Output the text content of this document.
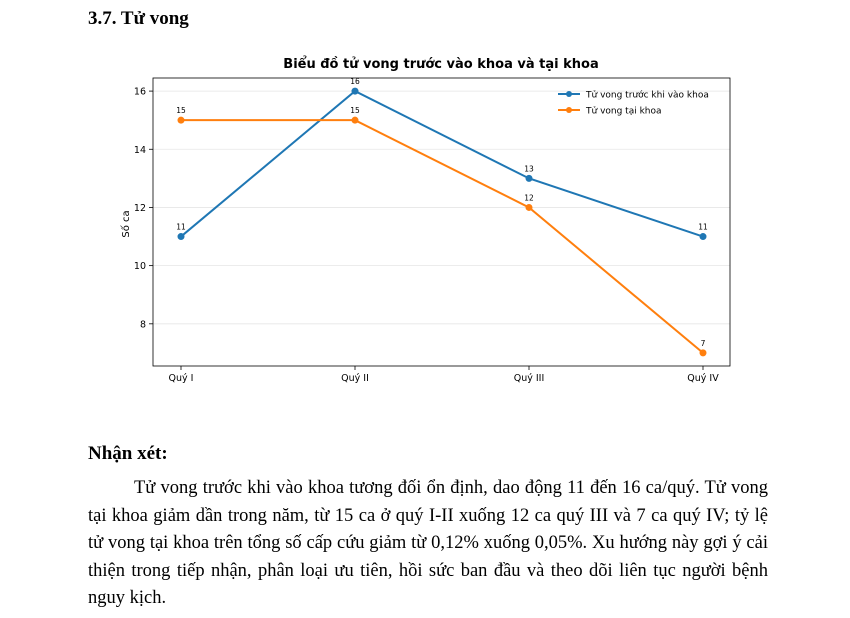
3.7. Tử vong
Biểu đồ tử vong trước vào khoa và tại khoa
Số ca
8
10
12
14
16
Quý I	Quý II	Quý III	Quý IV
11
16
13
11
15	15
12
7
Tử vong trước khi vào khoa
Tử vong tại khoa
Nhận xét:
Tử vong trước khi vào khoa tương đối ổn định, dao động 11 đến 16 ca/quý. Tử vong tại khoa giảm dần trong năm, từ 15 ca ở quý I-II xuống 12 ca quý III và 7 ca quý IV; tỷ lệ tử vong tại khoa trên tổng số cấp cứu giảm từ 0,12% xuống 0,05%. Xu hướng này gợi ý cải thiện trong tiếp nhận, phân loại ưu tiên, hồi sức ban đầu và theo dõi liên tục người bệnh nguy kịch.
